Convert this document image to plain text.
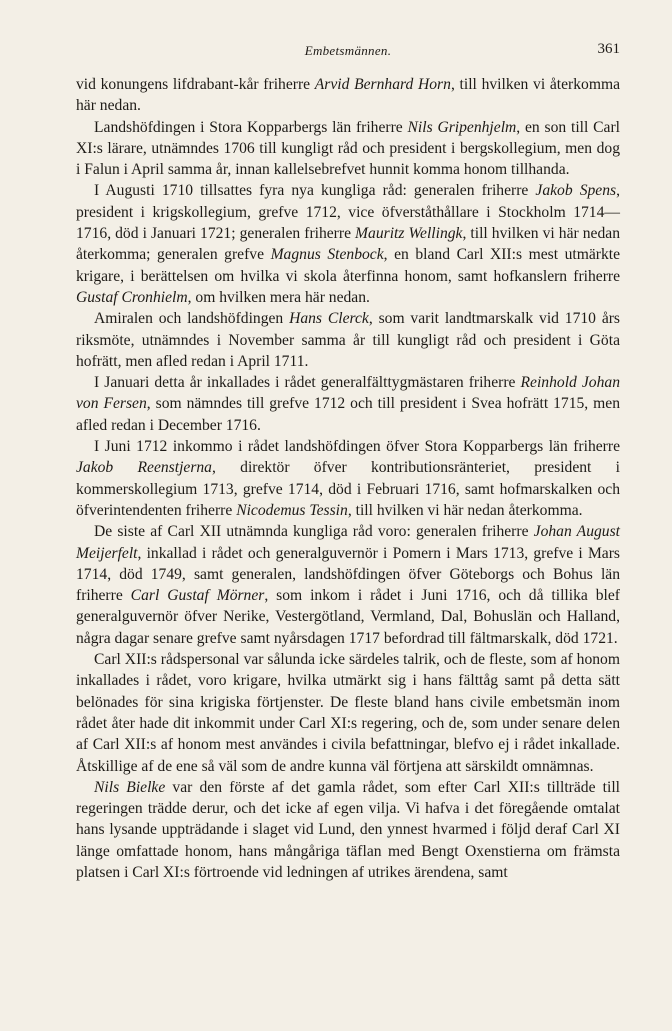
Embetsmännen.	361

vid konungens lifdrabant-kår friherre Arvid Bernhard Horn, till hvilken vi återkomma här nedan.

Landshöfdingen i Stora Kopparbergs län friherre Nils Gripenhjelm, en son till Carl XI:s lärare, utnämndes 1706 till kungligt råd och president i bergskollegium, men dog i Falun i April samma år, innan kallelsebrefvet hunnit komma honom tillhanda.

I Augusti 1710 tillsattes fyra nya kungliga råd: generalen friherre Jakob Spens, president i krigskollegium, grefve 1712, vice öfverståthållare i Stockholm 1714—1716, död i Januari 1721; generalen friherre Mauritz Wellingk, till hvilken vi här nedan återkomma; generalen grefve Magnus Stenbock, en bland Carl XII:s mest utmärkte krigare, i berättelsen om hvilka vi skola återfinna honom, samt hofkanslern friherre Gustaf Cronhielm, om hvilken mera här nedan.

Amiralen och landshöfdingen Hans Clerck, som varit landtmarskalk vid 1710 års riksmöte, utnämndes i November samma år till kungligt råd och president i Göta hofrätt, men afled redan i April 1711.

I Januari detta år inkallades i rådet generalfälttygmästaren friherre Reinhold Johan von Fersen, som nämndes till grefve 1712 och till president i Svea hofrätt 1715, men afled redan i December 1716.

I Juni 1712 inkommo i rådet landshöfdingen öfver Stora Kopparbergs län friherre Jakob Reenstjerna, direktör öfver kontributionsränteriet, president i kommerskollegium 1713, grefve 1714, död i Februari 1716, samt hofmarskalken och öfverintendenten friherre Nicodemus Tessin, till hvilken vi här nedan återkomma.

De siste af Carl XII utnämnda kungliga råd voro: generalen friherre Johan August Meijerfelt, inkallad i rådet och generalguvernör i Pomern i Mars 1713, grefve i Mars 1714, död 1749, samt generalen, landshöfdingen öfver Göteborgs och Bohus län friherre Carl Gustaf Mörner, som inkom i rådet i Juni 1716, och då tillika blef generalguvernör öfver Nerike, Vestergötland, Vermland, Dal, Bohuslän och Halland, några dagar senare grefve samt nyårsdagen 1717 befordrad till fältmarskalk, död 1721.

Carl XII:s rådspersonal var sålunda icke särdeles talrik, och de fleste, som af honom inkallades i rådet, voro krigare, hvilka utmärkt sig i hans fälttåg samt på detta sätt belönades för sina krigiska förtjenster. De fleste bland hans civile embetsmän inom rådet åter hade dit inkommit under Carl XI:s regering, och de, som under senare delen af Carl XII:s af honom mest användes i civila befattningar, blefvo ej i rådet inkallade. Åtskillige af de ene så väl som de andre kunna väl förtjena att särskildt omnämnas.

Nils Bielke var den förste af det gamla rådet, som efter Carl XII:s tillträde till regeringen trädde derur, och det icke af egen vilja. Vi hafva i det föregående omtalat hans lysande uppträdande i slaget vid Lund, den ynnest hvarmed i följd deraf Carl XI länge omfattade honom, hans mångåriga täflan med Bengt Oxenstierna om främsta platsen i Carl XI:s förtroende vid ledningen af utrikes ärendena, samt
